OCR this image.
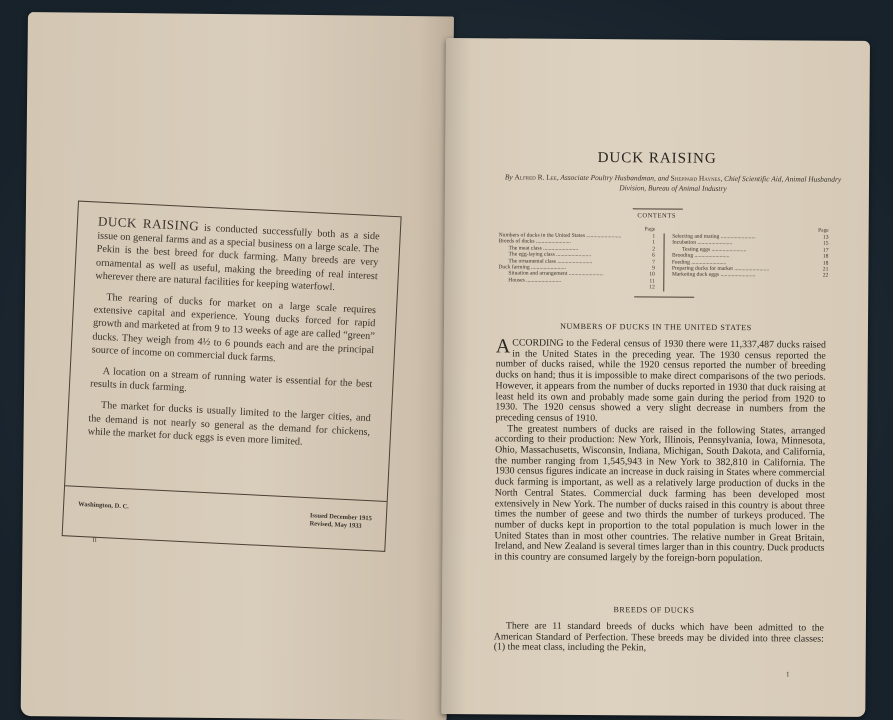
DUCK RAISING is conducted successfully both as a side issue on general farms and as a special business on a large scale. The Pekin is the best breed for duck farming. Many breeds are very ornamental as well as useful, making the breeding of real interest wherever there are natural facilities for keeping waterfowl.

The rearing of ducks for market on a large scale requires extensive capital and experience. Young ducks forced for rapid growth and marketed at from 9 to 13 weeks of age are called “green” ducks. They weigh from 4½ to 6 pounds each and are the principal source of income on commercial duck farms.

A location on a stream of running water is essential for the best results in duck farming.

The market for ducks is usually limited to the larger cities, and the demand is not nearly so general as the demand for chickens, while the market for duck eggs is even more limited.

Washington, D. C.
Issued December 1915
Revised, May 1933
II
DUCK RAISING
By Alfred R. Lee, Associate Poultry Husbandman, and Sheppard Haynes, Chief Scientific Aid, Animal Husbandry Division, Bureau of Animal Industry
CONTENTS
Page
Numbers of ducks in the United States .........................	1
Breeds of ducks .........................	1
The meat class .........................	2
The egg-laying class .........................	6
The ornamental class .........................	7
Duck farming .........................	9
Situation and arrangement .........................	10
Houses .........................	11
12
Page
Selecting and mating .........................	13
Incubation .........................	15
Testing eggs .........................	17
Brooding .........................	18
Feeding .........................	18
Preparing ducks for market .........................	21
Marketing duck eggs .........................	22
NUMBERS OF DUCKS IN THE UNITED STATES

ACCORDING to the Federal census of 1930 there were 11,337,487 ducks raised in the United States in the preceding year. The 1930 census reported the number of ducks raised, while the 1920 census reported the number of breeding ducks on hand; thus it is impossible to make direct comparisons of the two periods. However, it appears from the number of ducks reported in 1930 that duck raising at least held its own and probably made some gain during the period from 1920 to 1930. The 1920 census showed a very slight decrease in numbers from the preceding census of 1910.

The greatest numbers of ducks are raised in the following States, arranged according to their production: New York, Illinois, Pennsylvania, Iowa, Minnesota, Ohio, Massachusetts, Wisconsin, Indiana, Michigan, South Dakota, and California, the number ranging from 1,545,943 in New York to 382,810 in California. The 1930 census figures indicate an increase in duck raising in States where commercial duck farming is important, as well as a relatively large production of ducks in the North Central States. Commercial duck farming has been developed most extensively in New York. The number of ducks raised in this country is about three times the number of geese and two thirds the number of turkeys produced. The number of ducks kept in proportion to the total population is much lower in the United States than in most other countries. The relative number in Great Britain, Ireland, and New Zealand is several times larger than in this country. Duck products in this country are consumed largely by the foreign-born population.

BREEDS OF DUCKS

There are 11 standard breeds of ducks which have been admitted to the American Standard of Perfection. These breeds may be divided into three classes: (1) the meat class, including the Pekin,

1
